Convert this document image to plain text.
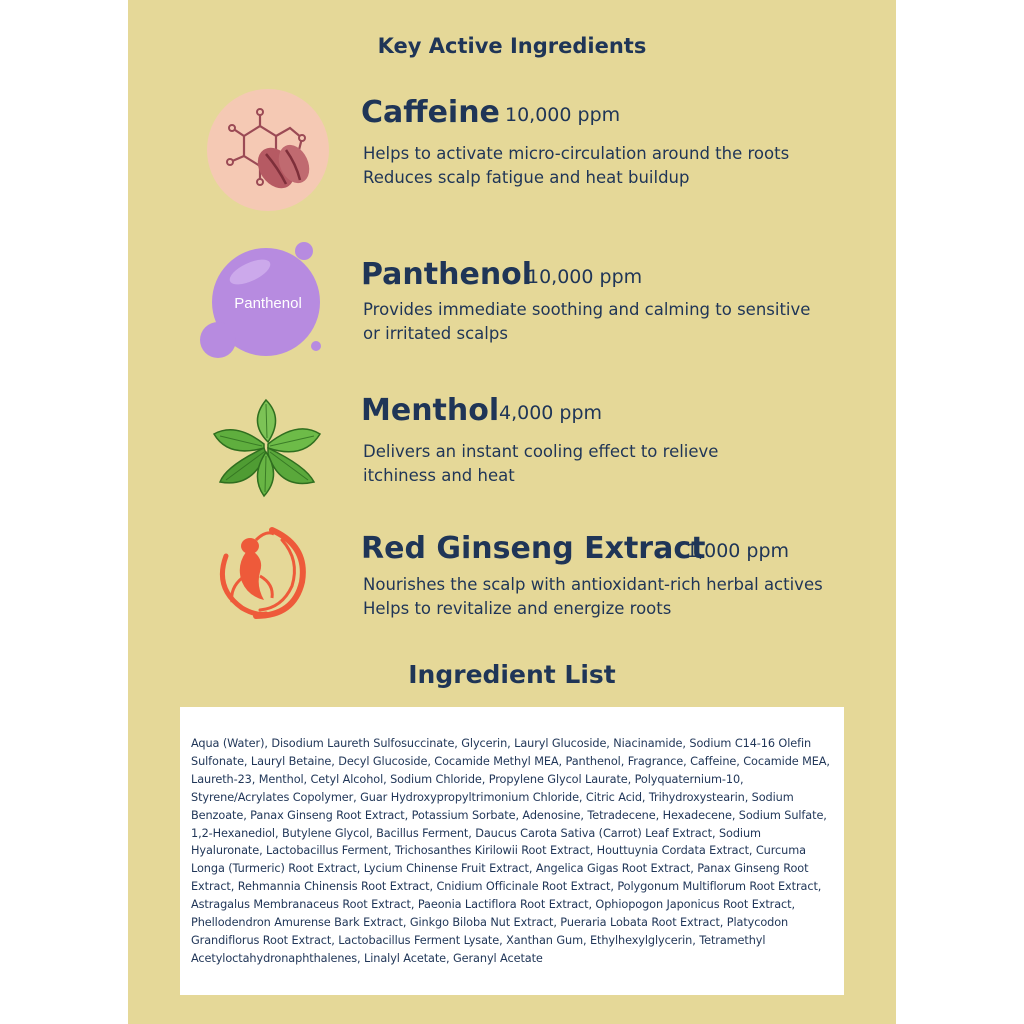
Key Active Ingredients
Caffeine 10,000 ppm

Helps to activate micro-circulation around the roots
Reduces scalp fatigue and heat buildup

Panthenol
Panthenol
10,000 ppm

Provides immediate soothing and calming to sensitive
or irritated scalps

Menthol 4,000 ppm

Delivers an instant cooling effect to relieve
itchiness and heat

Red Ginseng Extract
1,000 ppm

Nourishes the scalp with antioxidant-rich herbal actives
Helps to revitalize and energize roots

Ingredient List

Aqua (Water), Disodium Laureth Sulfosuccinate, Glycerin, Lauryl Glucoside, Niacinamide, Sodium C14-16 Olefin Sulfonate, Lauryl Betaine, Decyl Glucoside, Cocamide Methyl MEA, Panthenol, Fragrance, Caffeine, Cocamide MEA, Laureth-23, Menthol, Cetyl Alcohol, Sodium Chloride, Propylene Glycol Laurate, Polyquaternium-10, Styrene/Acrylates Copolymer, Guar Hydroxypropyltrimonium Chloride, Citric Acid, Trihydroxystearin, Sodium Benzoate, Panax Ginseng Root Extract, Potassium Sorbate, Adenosine, Tetradecene, Hexadecene, Sodium Sulfate, 1,2-Hexanediol, Butylene Glycol, Bacillus Ferment, Daucus Carota Sativa (Carrot) Leaf Extract, Sodium Hyaluronate, Lactobacillus Ferment, Trichosanthes Kirilowii Root Extract, Houttuynia Cordata Extract, Curcuma Longa (Turmeric) Root Extract, Lycium Chinense Fruit Extract, Angelica Gigas Root Extract, Panax Ginseng Root Extract, Rehmannia Chinensis Root Extract, Cnidium Officinale Root Extract, Polygonum Multiflorum Root Extract, Astragalus Membranaceus Root Extract, Paeonia Lactiflora Root Extract, Ophiopogon Japonicus Root Extract, Phellodendron Amurense Bark Extract, Ginkgo Biloba Nut Extract, Pueraria Lobata Root Extract, Platycodon Grandiflorus Root Extract, Lactobacillus Ferment Lysate, Xanthan Gum, Ethylhexylglycerin, Tetramethyl Acetyloctahydronaphthalenes, Linalyl Acetate, Geranyl Acetate
